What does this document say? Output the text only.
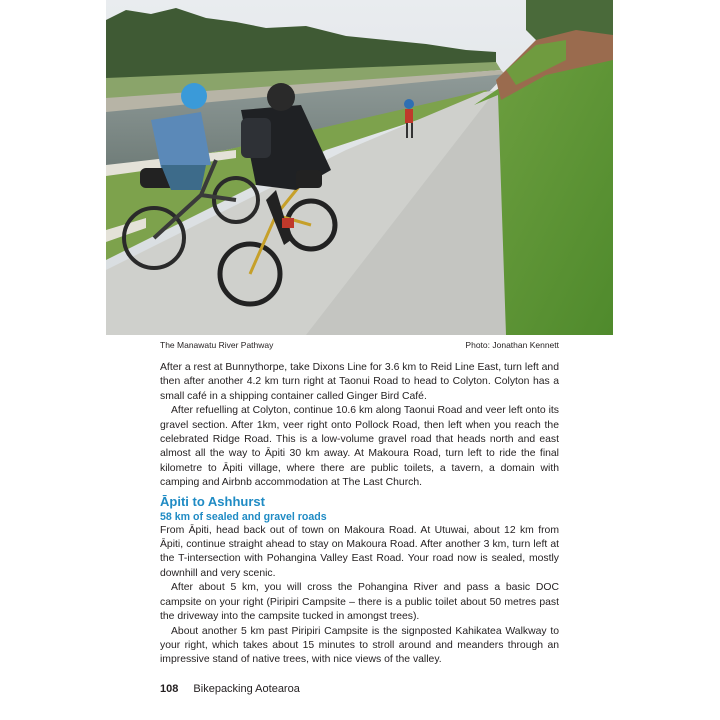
The Manawatu River Pathway	Photo: Jonathan Kennett

After a rest at Bunnythorpe, take Dixons Line for 3.6 km to Reid Line East, turn left and then after another 4.2 km turn right at Taonui Road to head to Colyton. Colyton has a small café in a shipping container called Ginger Bird Café.

After refuelling at Colyton, continue 10.6 km along Taonui Road and veer left onto its gravel section. After 1km, veer right onto Pollock Road, then left when you reach the celebrated Ridge Road. This is a low-volume gravel road that heads north and east almost all the way to Āpiti 30 km away. At Makoura Road, turn left to ride the final kilometre to Āpiti village, where there are public toilets, a tavern, a domain with camping and Airbnb accommodation at The Last Church.

Āpiti to Ashhurst
58 km of sealed and gravel roads

From Āpiti, head back out of town on Makoura Road. At Utuwai, about 12 km from Āpiti, continue straight ahead to stay on Makoura Road. After another 3 km, turn left at the T-intersection with Pohangina Valley East Road. Your road now is sealed, mostly downhill and very scenic.

After about 5 km, you will cross the Pohangina River and pass a basic DOC campsite on your right (Piripiri Campsite – there is a public toilet about 50 metres past the driveway into the campsite tucked in amongst trees).

About another 5 km past Piripiri Campsite is the signposted Kahikatea Walkway to your right, which takes about 15 minutes to stroll around and meanders through an impressive stand of native trees, with nice views of the valley.

108 Bikepacking Aotearoa
